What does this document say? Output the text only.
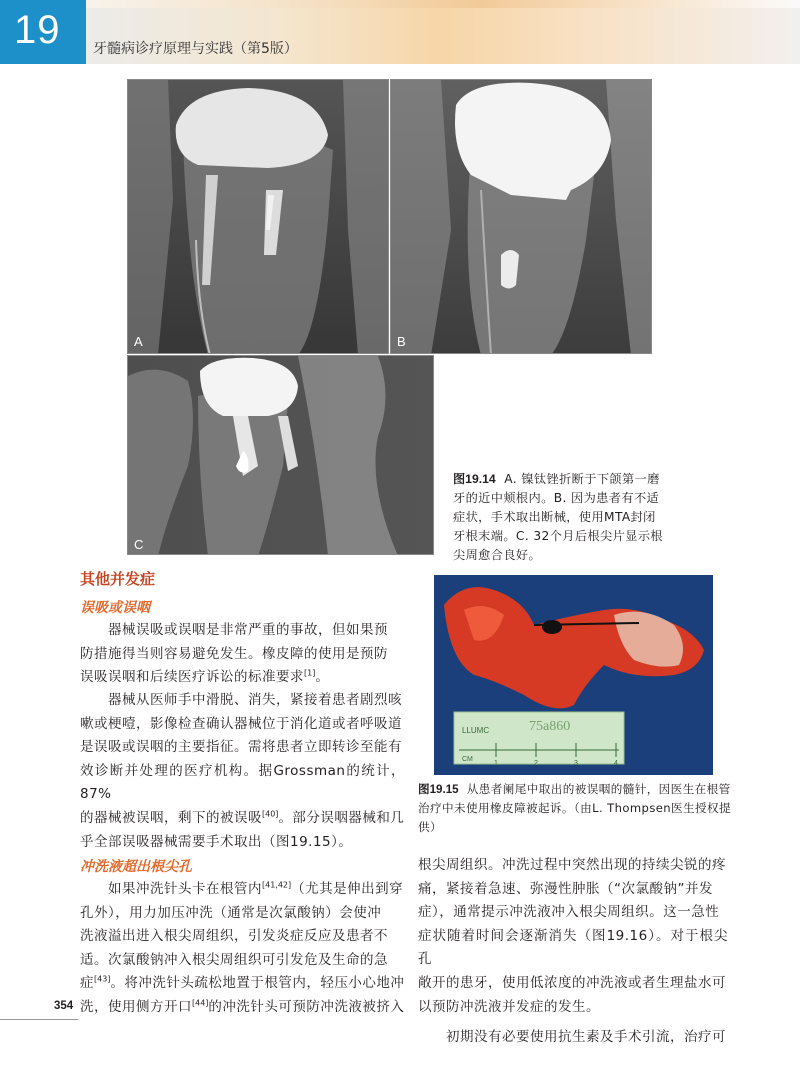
19 牙髓病诊疗原理与实践（第5版）
A	B
C
图19.14 A. 镍钛锉折断于下颌第一磨
牙的近中颊根内。B. 因为患者有不适
症状，手术取出断械，使用MTA封闭
牙根末端。C. 32个月后根尖片显示根
尖周愈合良好。
LLUMC	75a860
CM
1	2	3	4
图19.15 从患者阑尾中取出的被误咽的髓针，因医生在根管
治疗中未使用橡皮障被起诉。（由L. Thompsen医生授权提
供）
其他并发症
误吸或误咽
器械误吸或误咽是非常严重的事故，但如果预
防措施得当则容易避免发生。橡皮障的使用是预防
误吸误咽和后续医疗诉讼的标准要求[1]。
器械从医师手中滑脱、消失，紧接着患者剧烈咳
嗽或梗噎，影像检查确认器械位于消化道或者呼吸道
是误吸或误咽的主要指征。需将患者立即转诊至能有
效诊断并处理的医疗机构。据Grossman的统计，87%
的器械被误咽，剩下的被误吸[40]。部分误咽器械和几
乎全部误吸器械需要手术取出（图19.15）。
冲洗液超出根尖孔
如果冲洗针头卡在根管内[41,42]（尤其是伸出到穿
孔外），用力加压冲洗（通常是次氯酸钠）会使冲
洗液溢出进入根尖周组织，引发炎症反应及患者不
适。次氯酸钠冲入根尖周组织可引发危及生命的急
症[43]。将冲洗针头疏松地置于根管内，轻压小心地冲
洗，使用侧方开口[44]的冲洗针头可预防冲洗液被挤入
根尖周组织。冲洗过程中突然出现的持续尖锐的疼
痛，紧接着急速、弥漫性肿胀（“次氯酸钠”并发
症），通常提示冲洗液冲入根尖周组织。这一急性
症状随着时间会逐渐消失（图19.16）。对于根尖孔
敞开的患牙，使用低浓度的冲洗液或者生理盐水可
以预防冲洗液并发症的发生。
初期没有必要使用抗生素及手术引流，治疗可
354
